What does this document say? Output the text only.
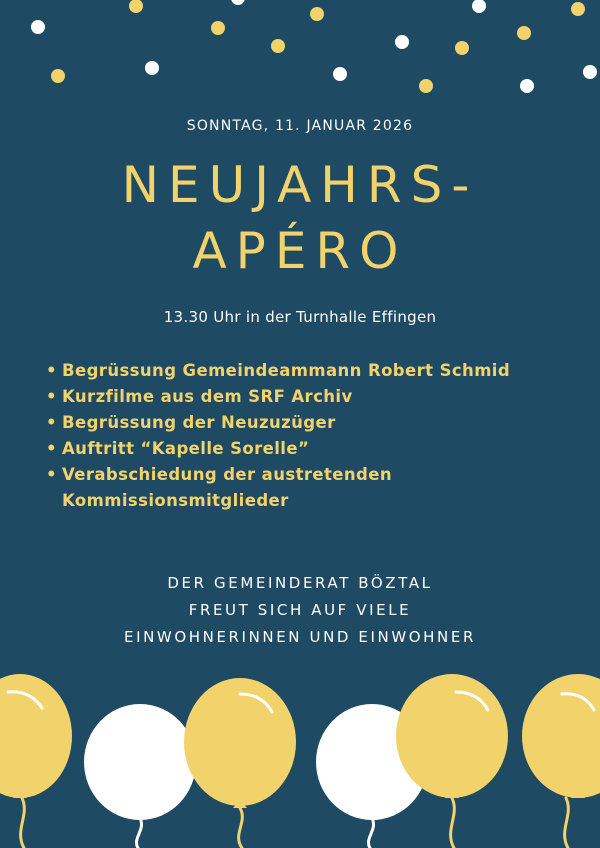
SONNTAG, 11. JANUAR 2026
NEUJAHRS-
APÉRO
13.30 Uhr in der Turnhalle Effingen
• Begrüssung Gemeindeammann Robert Schmid
• Kurzfilme aus dem SRF Archiv
• Begrüssung der Neuzuzüger
• Auftritt “Kapelle Sorelle”
• Verabschiedung der austretenden Kommissionsmitglieder
DER GEMEINDERAT BÖZTAL
FREUT SICH AUF VIELE
EINWOHNERINNEN UND EINWOHNER
